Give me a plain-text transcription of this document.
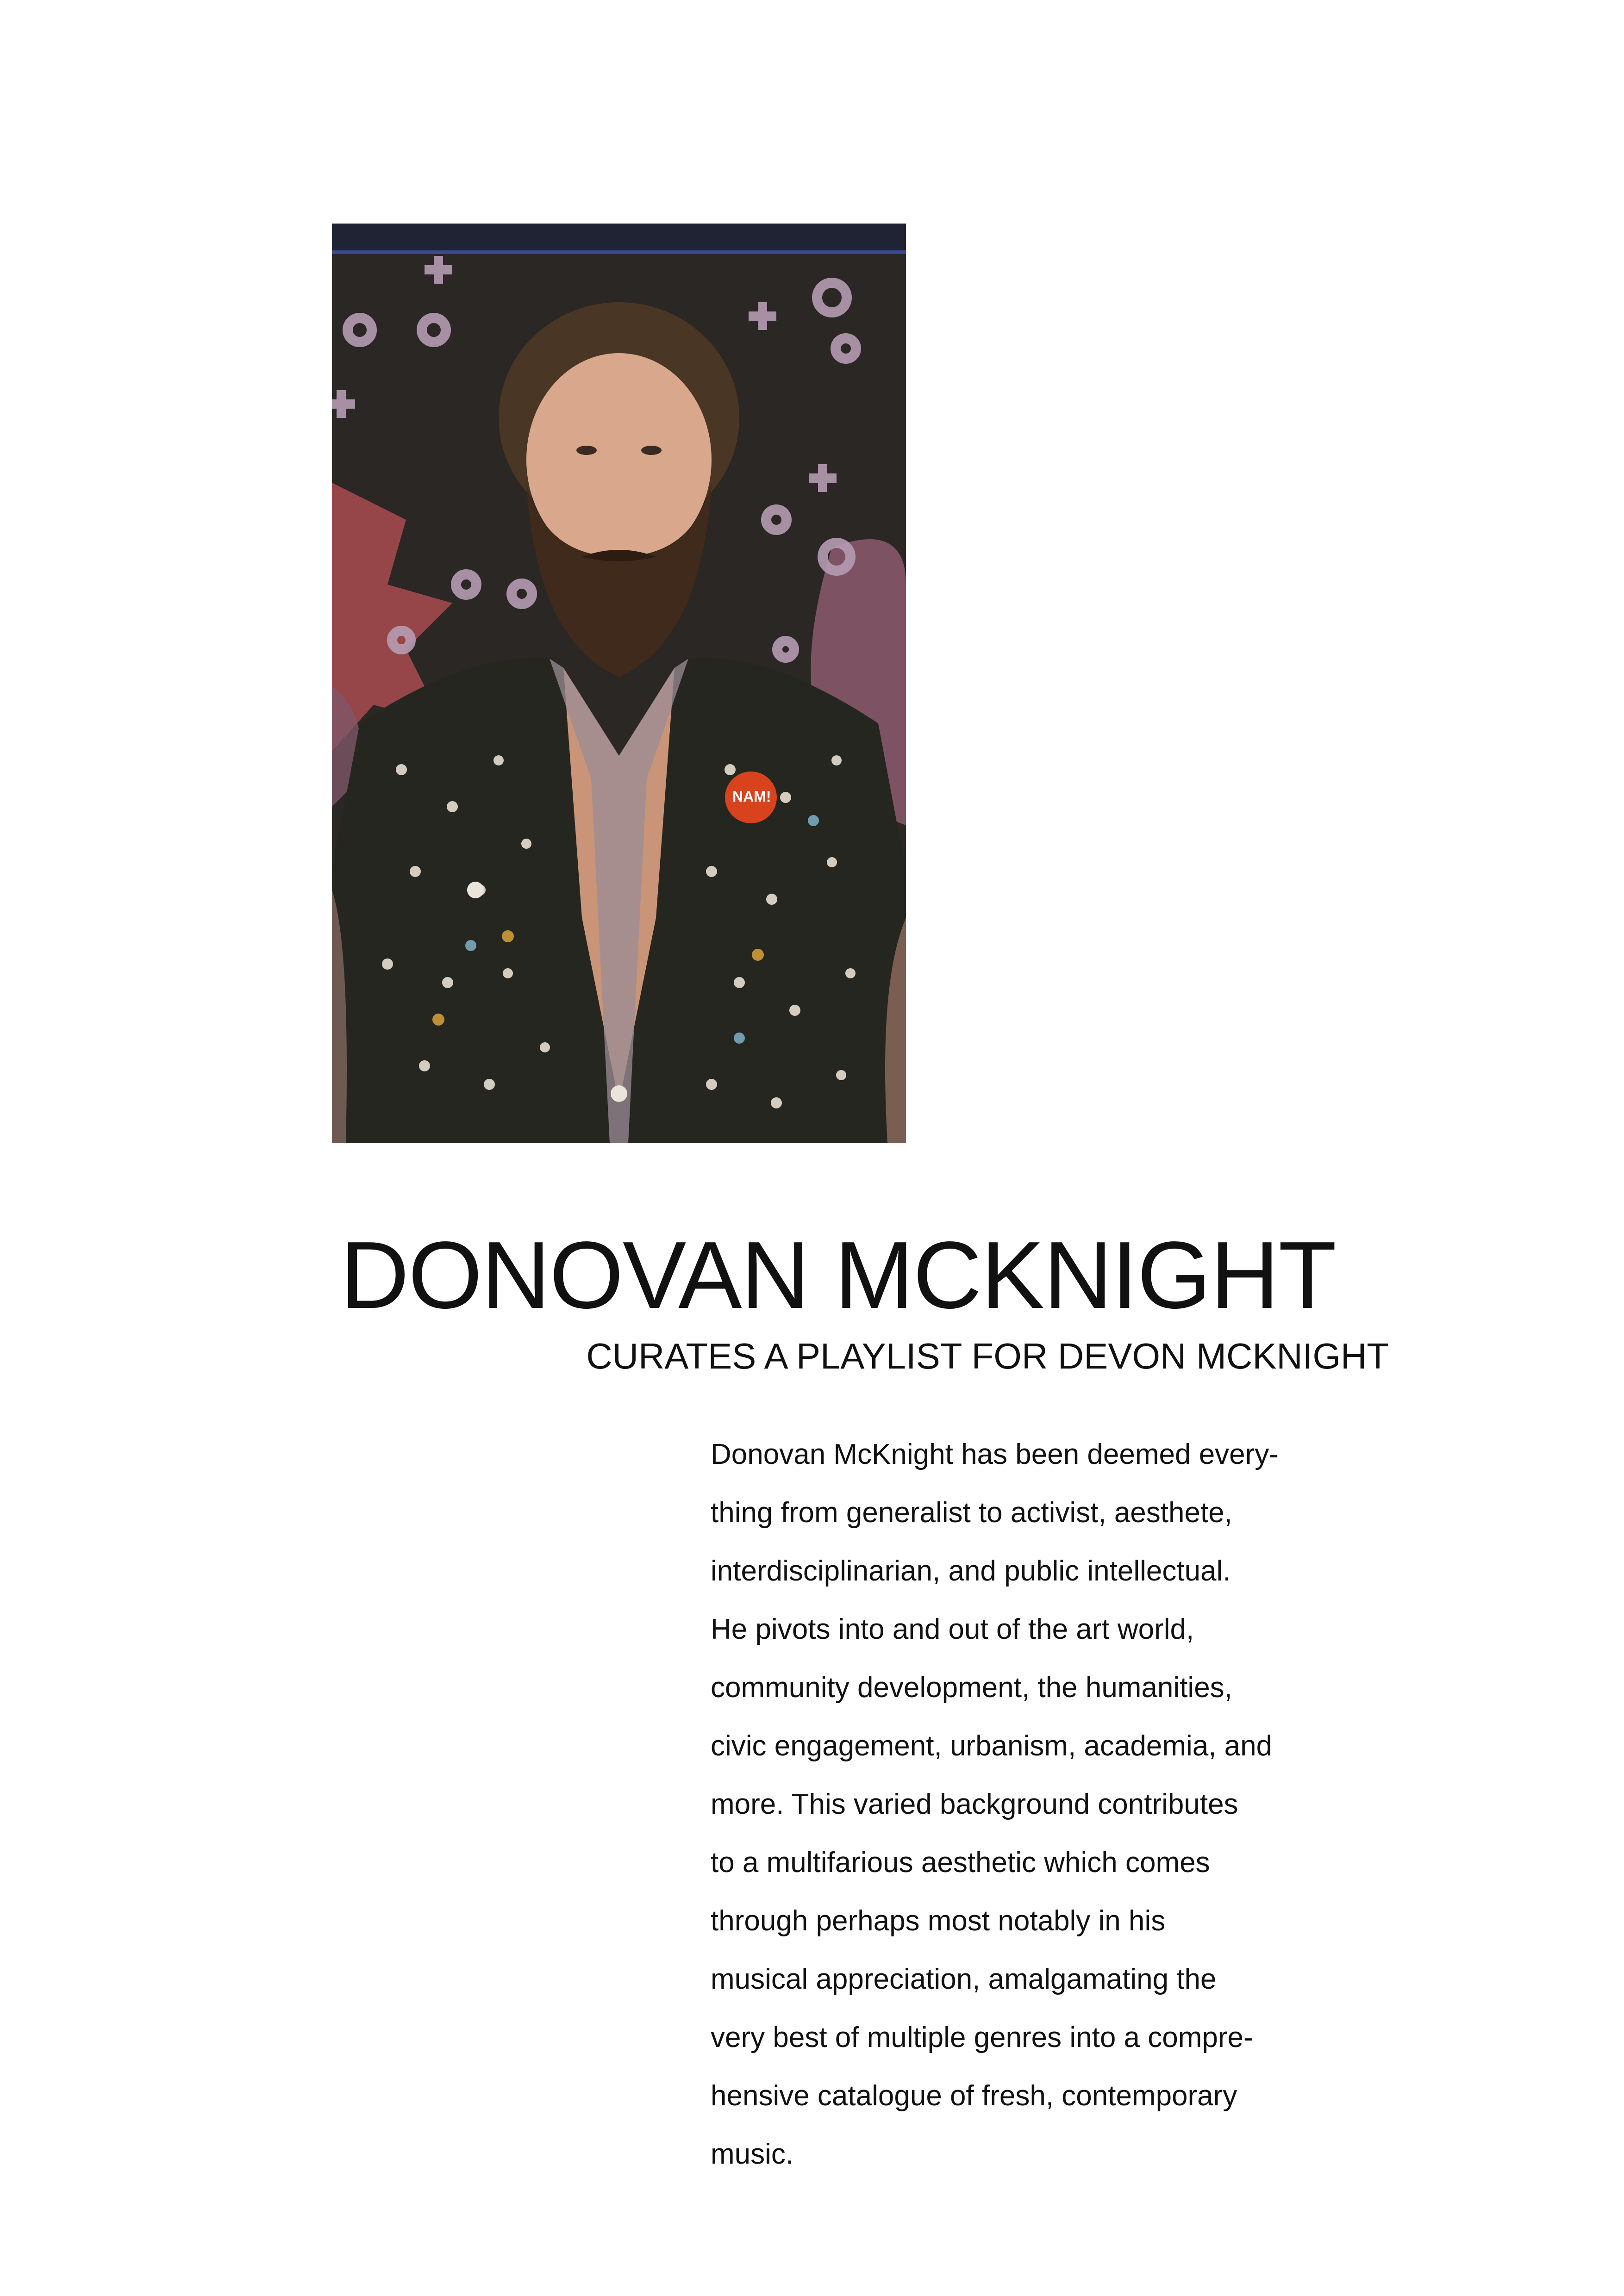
NAM!
DONOVAN MCKNIGHT
CURATES A PLAYLIST FOR DEVON MCKNIGHT
Donovan McKnight has been deemed every-
thing from generalist to activist, aesthete,
interdisciplinarian, and public intellectual.
He pivots into and out of the art world,
community development, the humanities,
civic engagement, urbanism, academia, and
more. This varied background contributes
to a multifarious aesthetic which comes
through perhaps most notably in his
musical appreciation, amalgamating the
very best of multiple genres into a compre-
hensive catalogue of fresh, contemporary
music.
